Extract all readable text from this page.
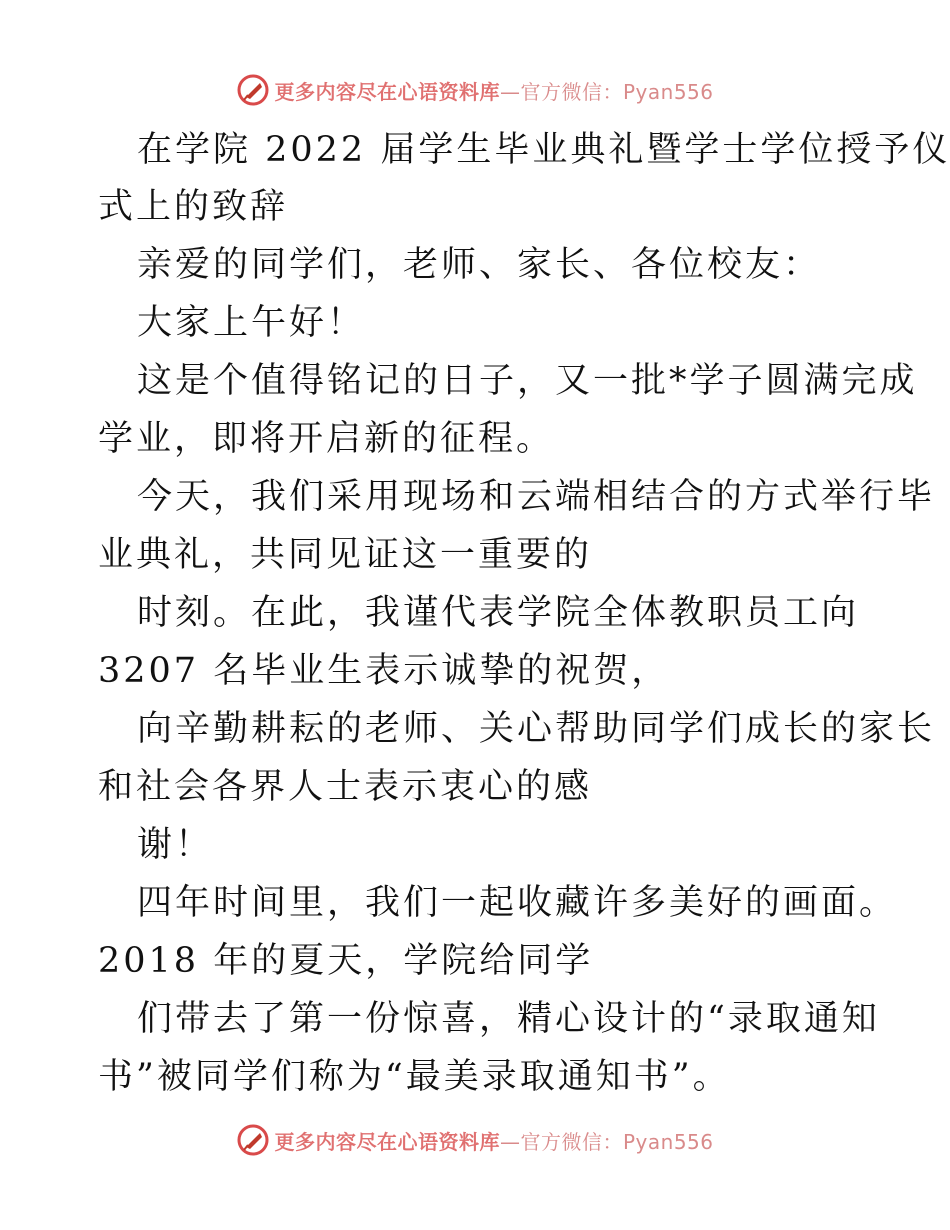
更多内容尽在心语资料库—官方微信：Pyan556
在学院 2022 届学生毕业典礼暨学士学位授予仪
式上的致辞
亲爱的同学们，老师、家长、各位校友：
大家上午好！
这是个值得铭记的日子，又一批*学子圆满完成
学业，即将开启新的征程。
今天，我们采用现场和云端相结合的方式举行毕
业典礼，共同见证这一重要的
时刻。在此，我谨代表学院全体教职员工向
3207 名毕业生表示诚挚的祝贺，
向辛勤耕耘的老师、关心帮助同学们成长的家长
和社会各界人士表示衷心的感
谢！
四年时间里，我们一起收藏许多美好的画面。
2018 年的夏天，学院给同学
们带去了第一份惊喜，精心设计的“录取通知
书”被同学们称为“最美录取通知书”。
更多内容尽在心语资料库—官方微信：Pyan556
